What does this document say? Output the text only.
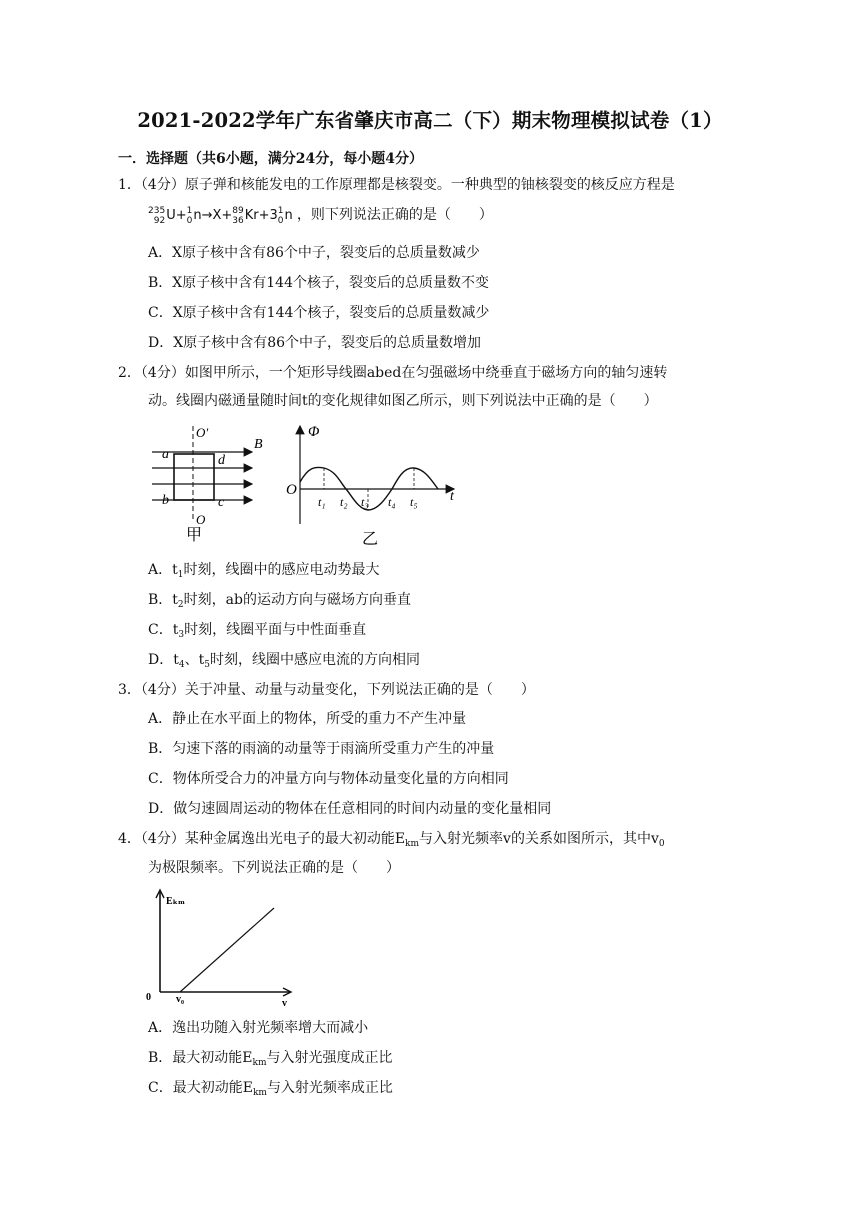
2021-2022学年广东省肇庆市高二（下）期末物理模拟试卷（1）
一．选择题（共6小题，满分24分，每小题4分）
1．（4分）原子弹和核能发电的工作原理都是核裂变。一种典型的铀核裂变的核反应方程是
235
92 U+ 1
0 n→X+ 89
36 Kr+3 1
0 n ，则下列说法正确的是（　　）
A．X原子核中含有86个中子，裂变后的总质量数减少
B．X原子核中含有144个核子，裂变后的总质量数不变
C．X原子核中含有144个核子，裂变后的总质量数减少
D．X原子核中含有86个中子，裂变后的总质量数增加
2．（4分）如图甲所示，一个矩形导线圈abed在匀强磁场中绕垂直于磁场方向的轴匀速转
动。线圈内磁通量随时间t的变化规律如图乙所示，则下列说法中正确的是（　　）
O′
B
a	d
b	c
O
甲
Φ
O	t
t₁ t₂ t₃ t₄ t₅
乙
A．$t_1$时刻，线圈中的感应电动势最大
B．$t_2$时刻，ab的运动方向与磁场方向垂直
C．$t_3$时刻，线圈平面与中性面垂直
D．$t_4$、$t_5$时刻，线圈中感应电流的方向相同
3．（4分）关于冲量、动量与动量变化，下列说法正确的是（　　）
A．静止在水平面上的物体，所受的重力不产生冲量
B．匀速下落的雨滴的动量等于雨滴所受重力产生的冲量
C．物体所受合力的冲量方向与物体动量变化量的方向相同
D．做匀速圆周运动的物体在任意相同的时间内动量的变化量相同
4．（4分）某种金属逸出光电子的最大初动能$E_{km}$与入射光频率v的关系如图所示，其中$v_0$
为极限频率。下列说法正确的是（　　）
Eₖₘ
0	v₀	v
A．逸出功随入射光频率增大而减小
B．最大初动能$E_{km}$与入射光强度成正比
C．最大初动能$E_{km}$与入射光频率成正比
